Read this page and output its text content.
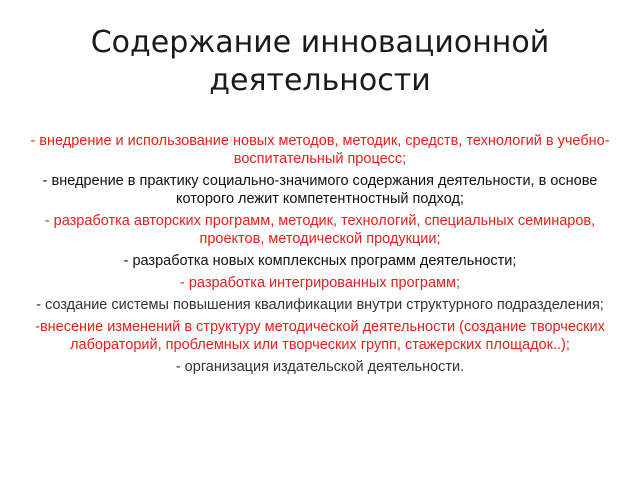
Содержание инновационной деятельности

- внедрение и использование новых методов, методик, средств, технологий в учебно-воспитательный процесс;

- внедрение в практику социально-значимого содержания деятельности, в основе которого лежит компетентностный подход;

- разработка авторских программ, методик, технологий, специальных семинаров, проектов, методической продукции;

- разработка новых комплексных программ деятельности;

- разработка интегрированных программ;

- создание системы повышения квалификации внутри структурного подразделения;

-внесение изменений в структуру методической деятельности (создание творческих лабораторий, проблемных или творческих групп, стажерских площадок..);

- организация издательской деятельности.
